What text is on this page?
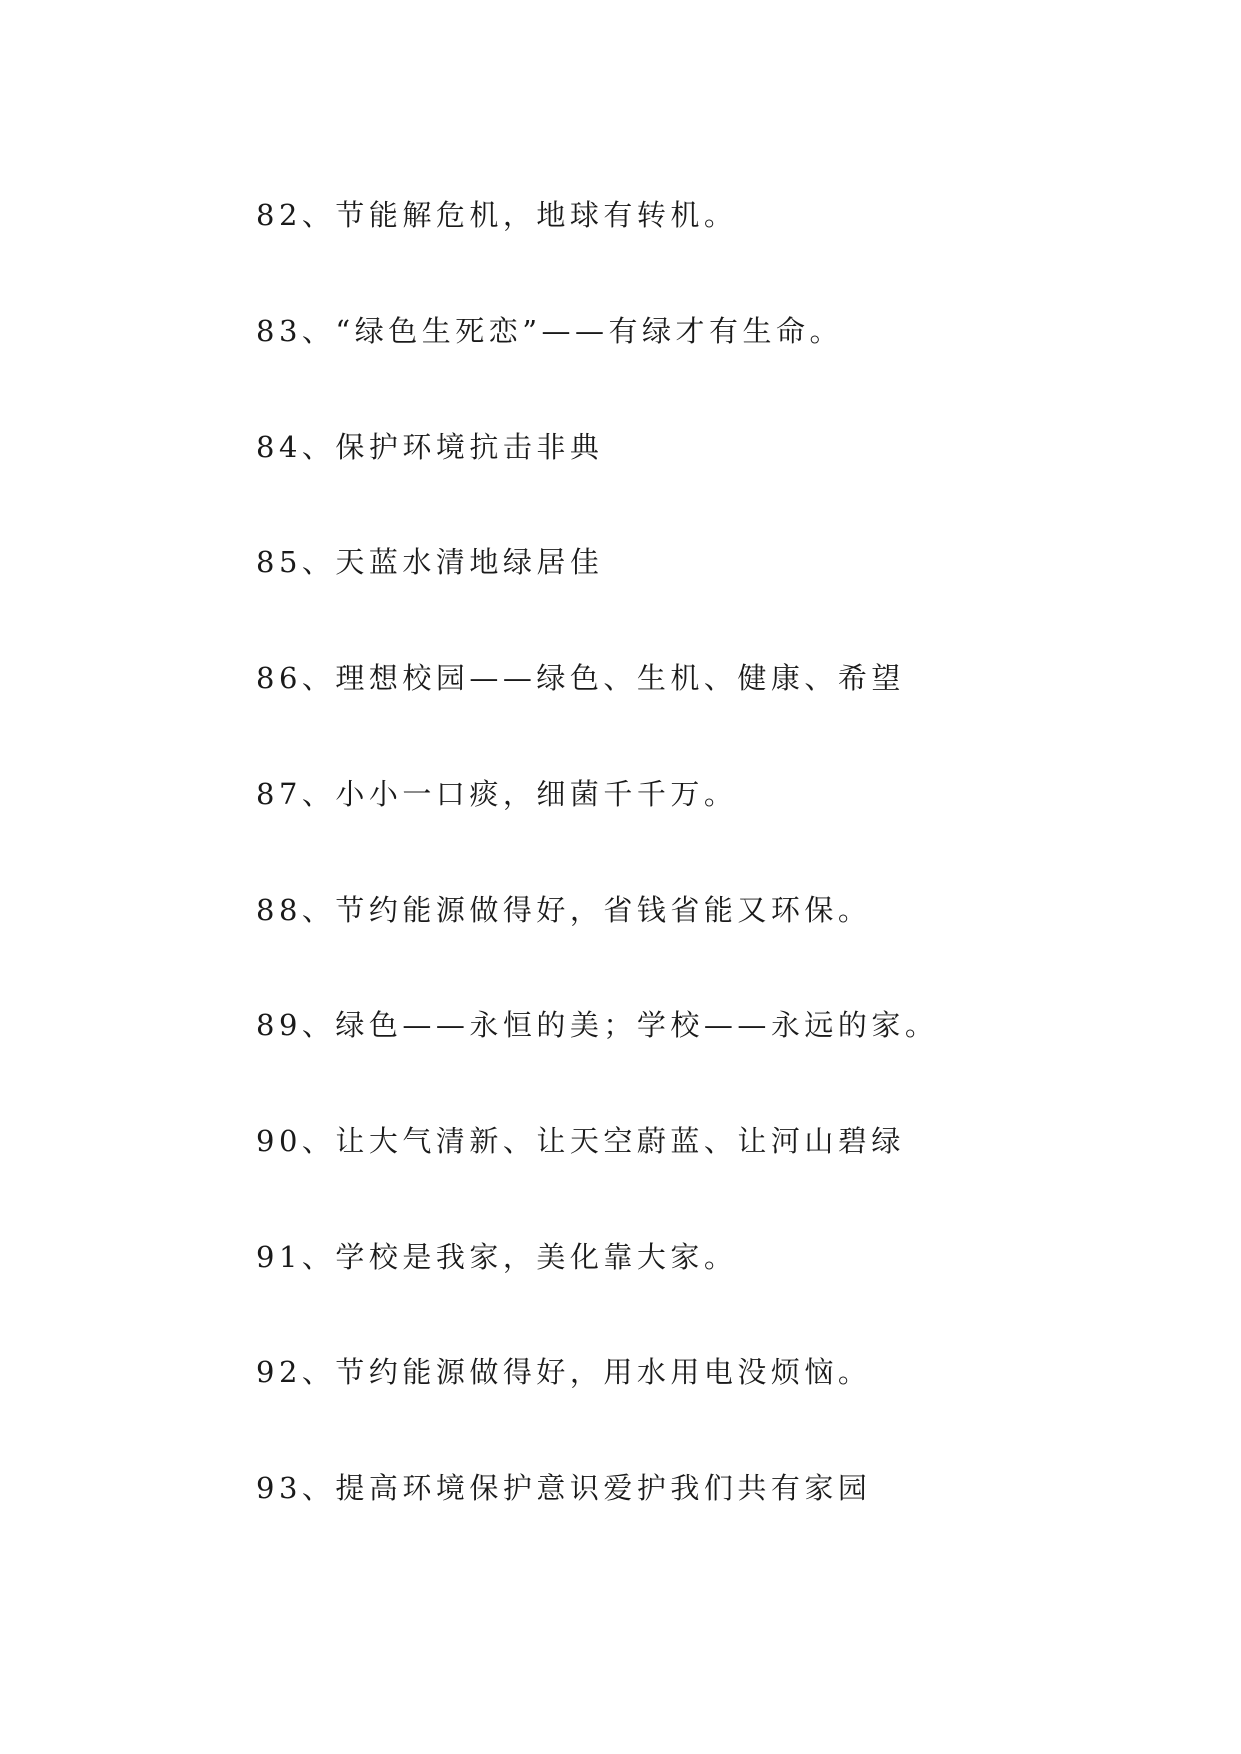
82、节能解危机，地球有转机。

83、“绿色生死恋”——有绿才有生命。

84、保护环境抗击非典

85、天蓝水清地绿居佳

86、理想校园——绿色、生机、健康、希望

87、小小一口痰，细菌千千万。

88、节约能源做得好，省钱省能又环保。

89、绿色——永恒的美；学校——永远的家。

90、让大气清新、让天空蔚蓝、让河山碧绿

91、学校是我家，美化靠大家。

92、节约能源做得好，用水用电没烦恼。

93、提高环境保护意识爱护我们共有家园
